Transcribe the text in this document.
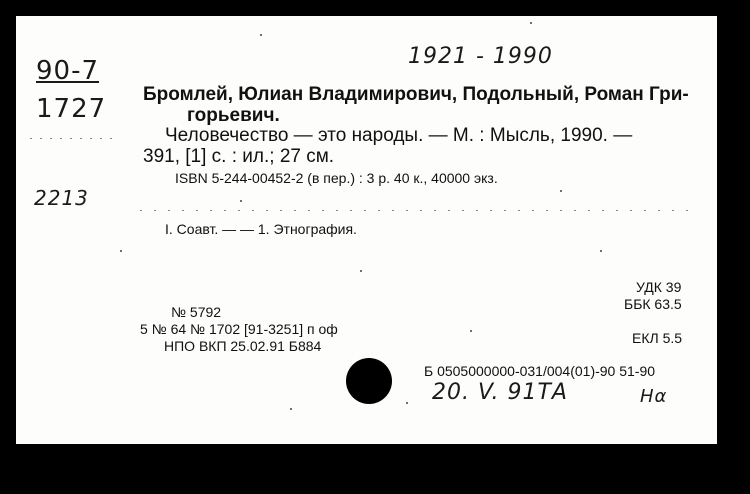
1921 - 1990
90-7
1727
2213
20. V. 91ТА	Нα
Бромлей, Юлиан Владимирович, Подольный, Роман Гри-
горьевич.
Человечество — это народы. — М. : Мысль, 1990. —
391, [1] с. : ил.; 27 см.
ISBN 5-244-00452-2 (в пер.) : 3 р. 40 к., 40000 экз.
I. Соавт. — — 1. Этнография.
УДК 39
ББК 63.5
ЕКЛ 5.5
Б 0505000000-031/004(01)-90 51-90
№ 5792
5 № 64 № 1702 [91-3251] п оф
НПО ВКП 25.02.91 Б884
